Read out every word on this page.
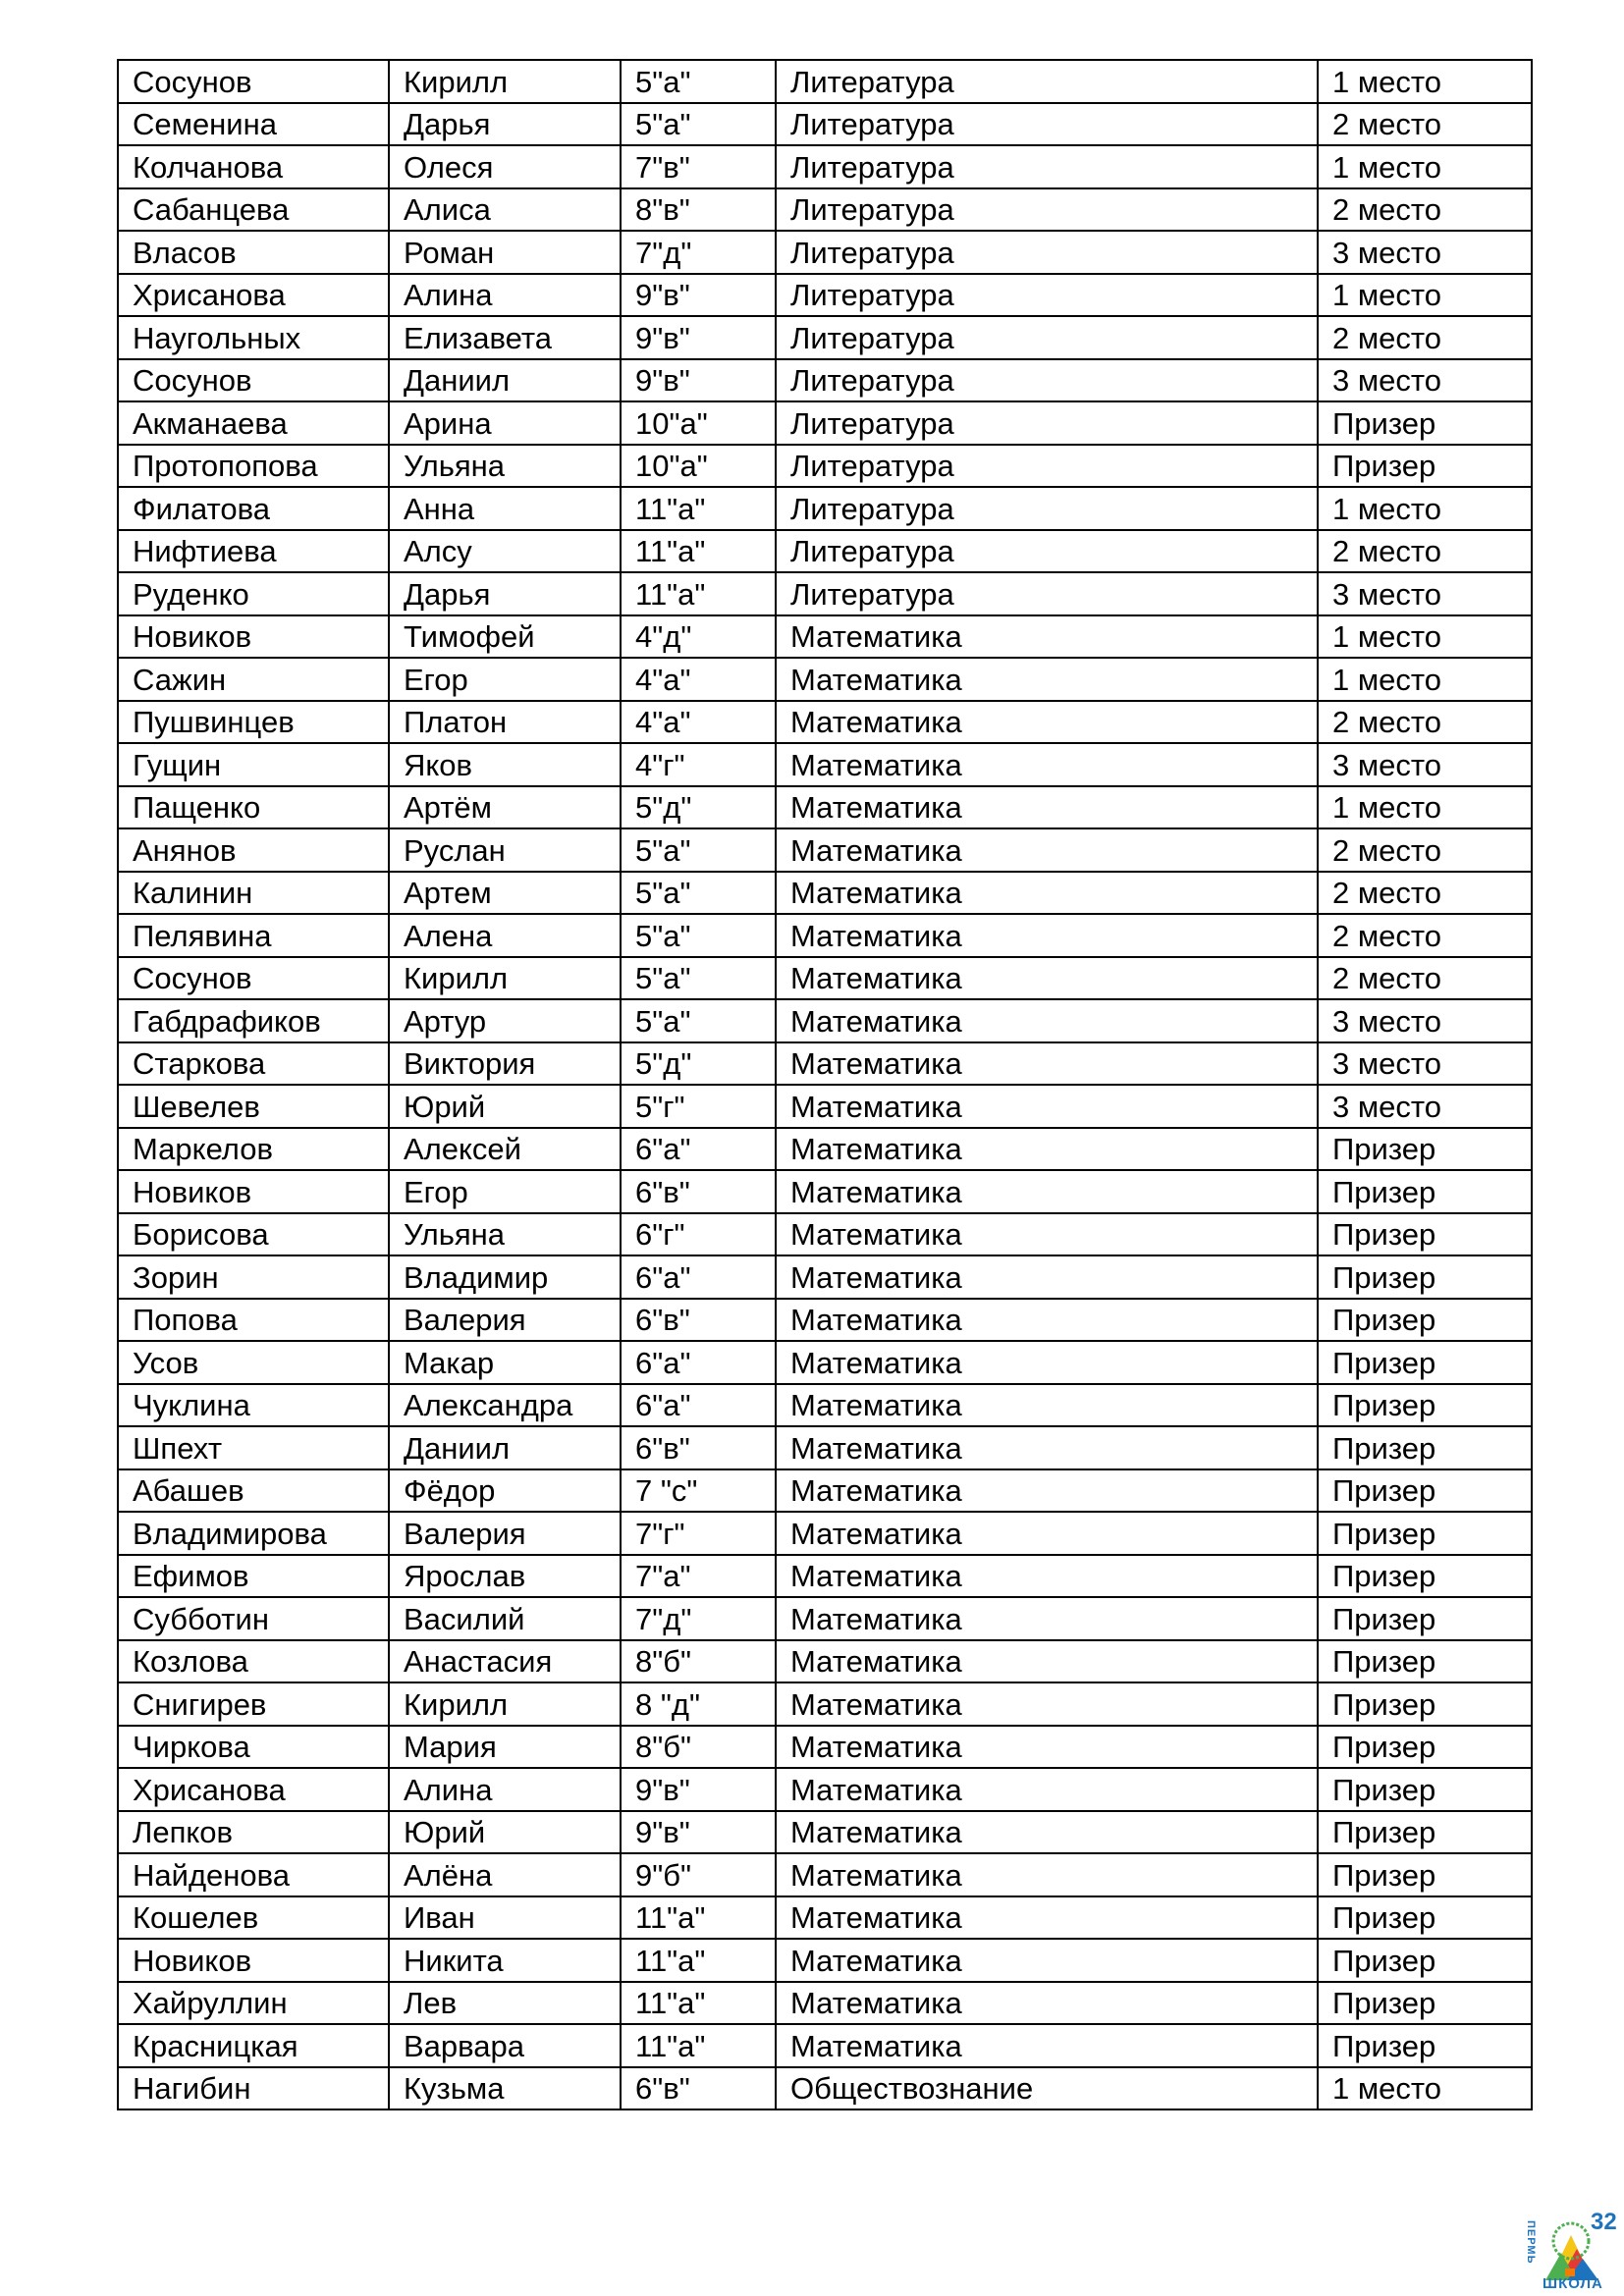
Сосунов	Кирилл	5"а"	Литература	1 место
Семенина	Дарья	5"а"	Литература	2 место
Колчанова	Олеся	7"в"	Литература	1 место
Сабанцева	Алиса	8"в"	Литература	2 место
Власов	Роман	7"д"	Литература	3 место
Хрисанова	Алина	9"в"	Литература	1 место
Наугольных	Елизавета	9"в"	Литература	2 место
Сосунов	Даниил	9"в"	Литература	3 место
Акманаева	Арина	10"а"	Литература	Призер
Протопопова	Ульяна	10"а"	Литература	Призер
Филатова	Анна	11"а"	Литература	1 место
Нифтиева	Алсу	11"а"	Литература	2 место
Руденко	Дарья	11"а"	Литература	3 место
Новиков	Тимофей	4"д"	Математика	1 место
Сажин	Егор	4"а"	Математика	1 место
Пушвинцев	Платон	4"а"	Математика	2 место
Гущин	Яков	4"г"	Математика	3 место
Пащенко	Артём	5"д"	Математика	1 место
Анянов	Руслан	5"а"	Математика	2 место
Калинин	Артем	5"а"	Математика	2 место
Пелявина	Алена	5"а"	Математика	2 место
Сосунов	Кирилл	5"а"	Математика	2 место
Габдрафиков	Артур	5"а"	Математика	3 место
Старкова	Виктория	5"д"	Математика	3 место
Шевелев	Юрий	5"г"	Математика	3 место
Маркелов	Алексей	6"а"	Математика	Призер
Новиков	Егор	6"в"	Математика	Призер
Борисова	Ульяна	6"г"	Математика	Призер
Зорин	Владимир	6"а"	Математика	Призер
Попова	Валерия	6"в"	Математика	Призер
Усов	Макар	6"а"	Математика	Призер
Чуклина	Александра	6"а"	Математика	Призер
Шпехт	Даниил	6"в"	Математика	Призер
Абашев	Фёдор	7 "с"	Математика	Призер
Владимирова	Валерия	7"г"	Математика	Призер
Ефимов	Ярослав	7"а"	Математика	Призер
Субботин	Василий	7"д"	Математика	Призер
Козлова	Анастасия	8"б"	Математика	Призер
Снигирев	Кирилл	8 "д"	Математика	Призер
Чиркова	Мария	8"б"	Математика	Призер
Хрисанова	Алина	9"в"	Математика	Призер
Лепков	Юрий	9"в"	Математика	Призер
Найденова	Алёна	9"б"	Математика	Призер
Кошелев	Иван	11"а"	Математика	Призер
Новиков	Никита	11"а"	Математика	Призер
Хайруллин	Лев	11"а"	Математика	Призер
Красницкая	Варвара	11"а"	Математика	Призер
Нагибин	Кузьма	6"в"	Обществознание	1 место
32
ПЕРМЬ
ШКОЛА
